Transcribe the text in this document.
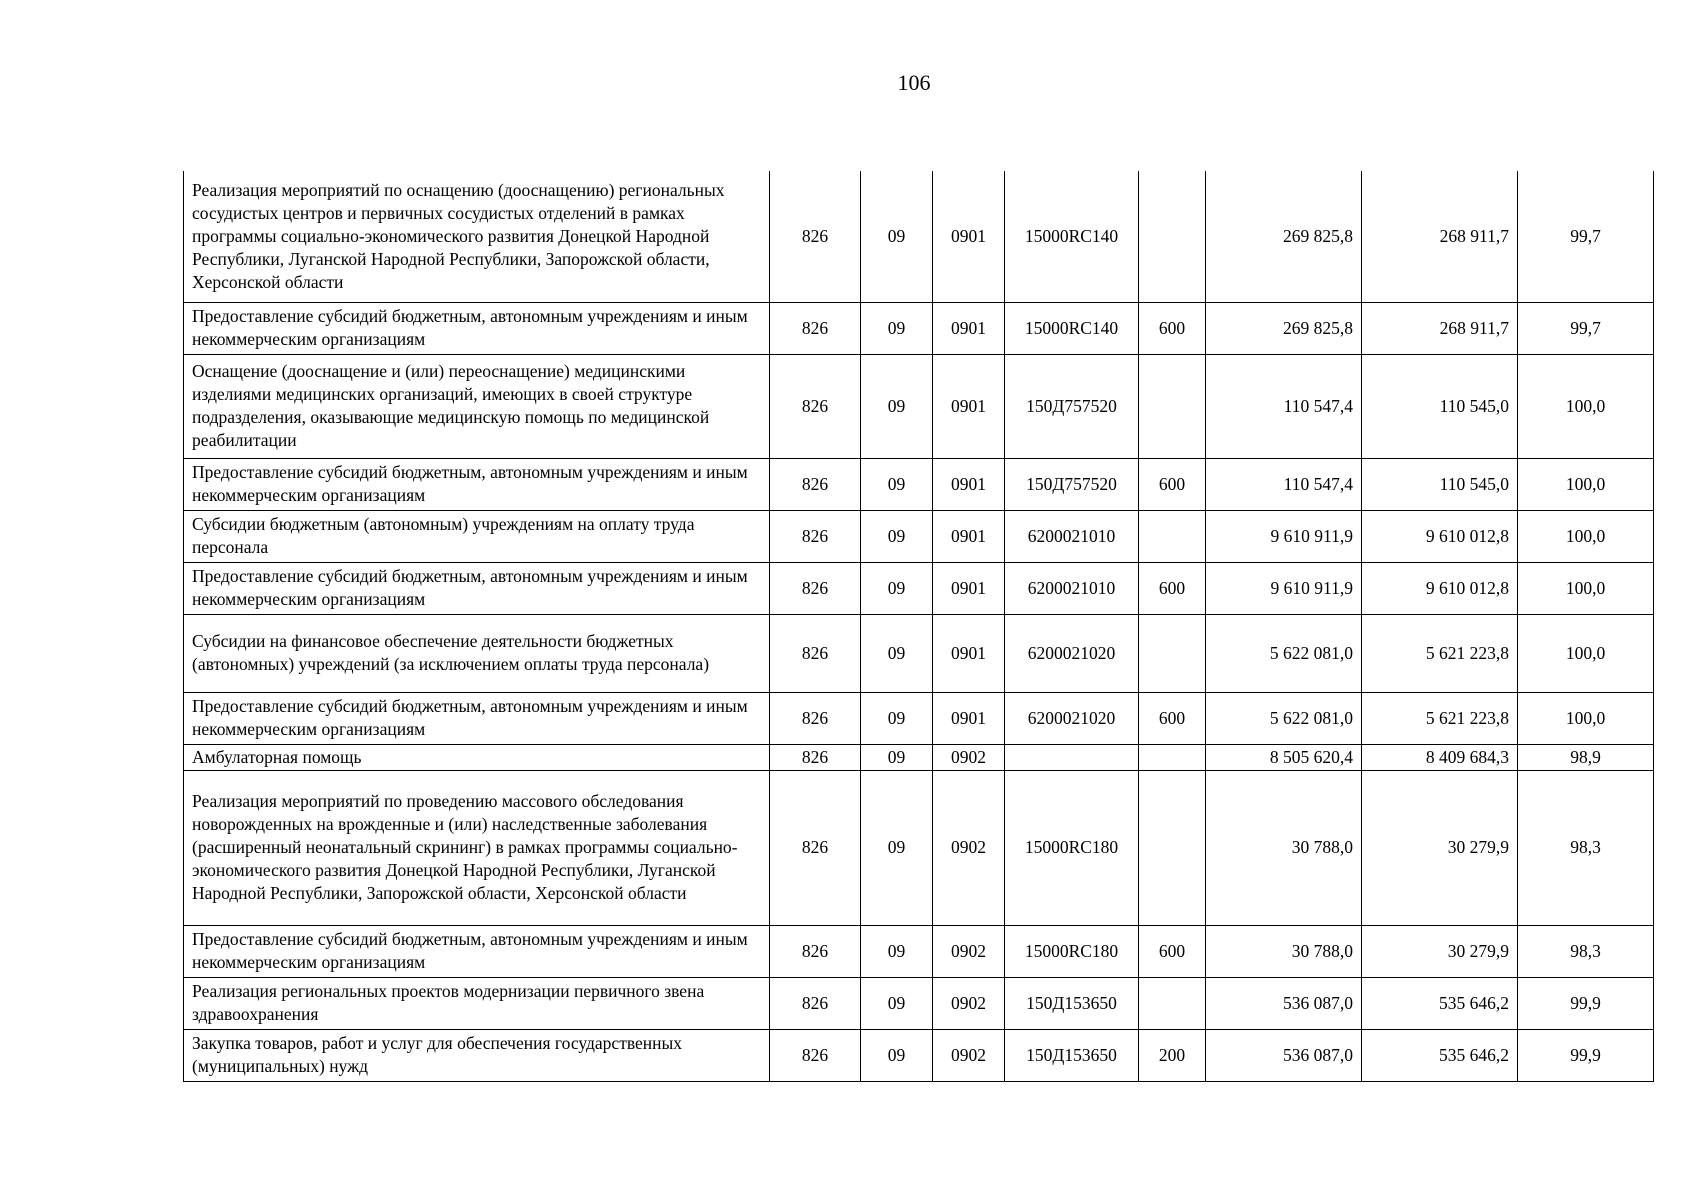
106
Реализация мероприятий по оснащению (дооснащению) региональных сосудистых центров и первичных сосудистых отделений в рамках программы социально-экономического развития Донецкой Народной Республики, Луганской Народной Республики, Запорожской области, Херсонской области	826	09	0901	15000RC140		269 825,8	268 911,7	99,7
Предоставление субсидий бюджетным, автономным учреждениям и иным некоммерческим организациям	826	09	0901	15000RC140	600	269 825,8	268 911,7	99,7
Оснащение (дооснащение и (или) переоснащение) медицинскими изделиями медицинских организаций, имеющих в своей структуре подразделения, оказывающие медицинскую помощь по медицинской реабилитации	826	09	0901	150Д757520		110 547,4	110 545,0	100,0
Предоставление субсидий бюджетным, автономным учреждениям и иным некоммерческим организациям	826	09	0901	150Д757520	600	110 547,4	110 545,0	100,0
Субсидии бюджетным (автономным) учреждениям на оплату труда персонала	826	09	0901	6200021010		9 610 911,9	9 610 012,8	100,0
Предоставление субсидий бюджетным, автономным учреждениям и иным некоммерческим организациям	826	09	0901	6200021010	600	9 610 911,9	9 610 012,8	100,0
Субсидии на финансовое обеспечение деятельности бюджетных (автономных) учреждений (за исключением оплаты труда персонала)	826	09	0901	6200021020		5 622 081,0	5 621 223,8	100,0
Предоставление субсидий бюджетным, автономным учреждениям и иным некоммерческим организациям	826	09	0901	6200021020	600	5 622 081,0	5 621 223,8	100,0
Амбулаторная помощь	826	09	0902			8 505 620,4	8 409 684,3	98,9
Реализация мероприятий по проведению массового обследования новорожденных на врожденные и (или) наследственные заболевания (расширенный неонатальный скрининг) в рамках программы социально-экономического развития Донецкой Народной Республики, Луганской Народной Республики, Запорожской области, Херсонской области	826	09	0902	15000RC180		30 788,0	30 279,9	98,3
Предоставление субсидий бюджетным, автономным учреждениям и иным некоммерческим организациям	826	09	0902	15000RC180	600	30 788,0	30 279,9	98,3
Реализация региональных проектов модернизации первичного звена здравоохранения	826	09	0902	150Д153650		536 087,0	535 646,2	99,9
Закупка товаров, работ и услуг для обеспечения государственных (муниципальных) нужд	826	09	0902	150Д153650	200	536 087,0	535 646,2	99,9
